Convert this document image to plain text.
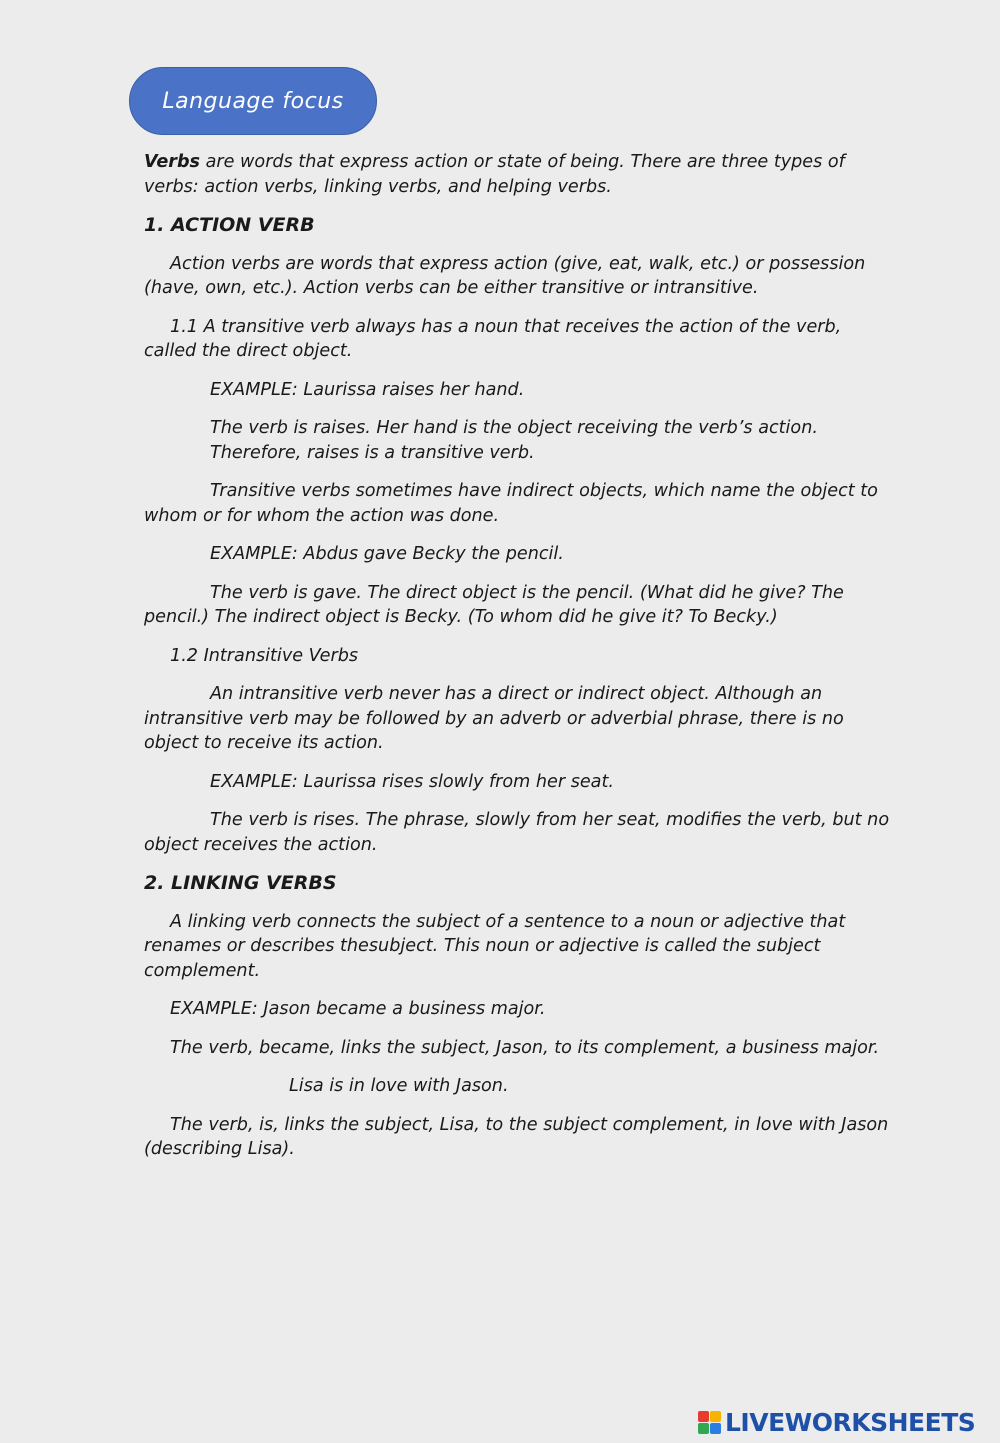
Language focus

Verbs are words that express action or state of being. There are three types of verbs: action verbs, linking verbs, and helping verbs.

1. ACTION VERB

Action verbs are words that express action (give, eat, walk, etc.) or possession (have, own, etc.). Action verbs can be either transitive or intransitive.

1.1 A transitive verb always has a noun that receives the action of the verb, called the direct object.

EXAMPLE: Laurissa raises her hand.

The verb is raises. Her hand is the object receiving the verb’s action. Therefore, raises is a transitive verb.

Transitive verbs sometimes have indirect objects, which name the object to whom or for whom the action was done.

EXAMPLE: Abdus gave Becky the pencil.

The verb is gave. The direct object is the pencil. (What did he give? The pencil.) The indirect object is Becky. (To whom did he give it? To Becky.)

1.2 Intransitive Verbs

An intransitive verb never has a direct or indirect object. Although an intransitive verb may be followed by an adverb or adverbial phrase, there is no object to receive its action.

EXAMPLE: Laurissa rises slowly from her seat.

The verb is rises. The phrase, slowly from her seat, modifies the verb, but no object receives the action.

2. LINKING VERBS

A linking verb connects the subject of a sentence to a noun or adjective that renames or describes thesubject. This noun or adjective is called the subject complement.

EXAMPLE: Jason became a business major.

The verb, became, links the subject, Jason, to its complement, a business major.

Lisa is in love with Jason.

The verb, is, links the subject, Lisa, to the subject complement, in love with Jason (describing Lisa).

LIVEWORKSHEETS
